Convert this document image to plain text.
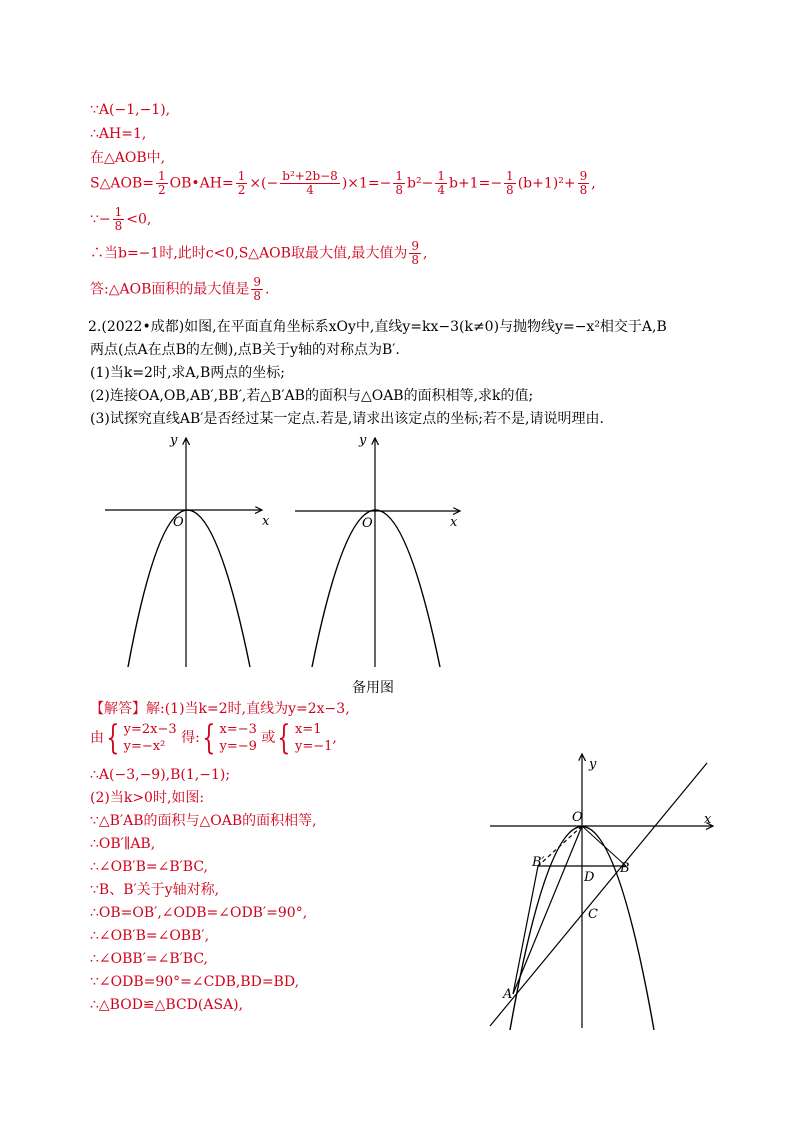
∵A(−1,−1),
∴AH=1,
在△AOB中,
S△AOB= $\frac{1}{2}$ OB•AH= $\frac{1}{2}$ ×(− $\frac{\text{b²+2b−8}}{4} )\times 1=- \frac{1}{8} b^2- \frac{1}{4} b+1=- \frac{1}{8} (b+1)^2+ \frac{9}{8}$ ,
∵− $\frac{1}{8} <0$,
∴当b=−1时,此时c<0,S△AOB取最大值,最大值为 $\frac{9}{8}$ ,
答:△AOB面积的最大值是 $\frac{9}{8}$ .
2.(2022•成都)如图,在平面直角坐标系xOy中,直线y=kx−3(k≠0)与抛物线y=−x²相交于A,B
两点(点A在点B的左侧),点B关于y轴的对称点为B′.
(1)当k=2时,求A,B两点的坐标;
(2)连接OA,OB,AB′,BB′,若△B′AB的面积与△OAB的面积相等,求k的值;
(3)试探究直线AB′是否经过某一定点.若是,请求出该定点的坐标;若不是,请说明理由.
y
x
O
y
x
O
备用图
【解答】解:(1)当k=2时,直线为y=2x−3,
由{ y=2x−3
y=−x²
得:{ x=−3
y=−9
或{ x=1
y=−1
,
∴A(−3,−9),B(1,−1);
(2)当k>0时,如图:
∵△B′AB的面积与△OAB的面积相等,
∴OB′∥AB,
∴∠OB′B=∠B′BC,
∵B、B′关于y轴对称,
∴OB=OB′,∠ODB=∠ODB′=90°,
∴∠OB′B=∠OBB′,
∴∠OBB′=∠B′BC,
∵∠ODB=90°=∠CDB,BD=BD,
∴△BOD≌△BCD(ASA),
y
x
O
B′	B
D
C
A
